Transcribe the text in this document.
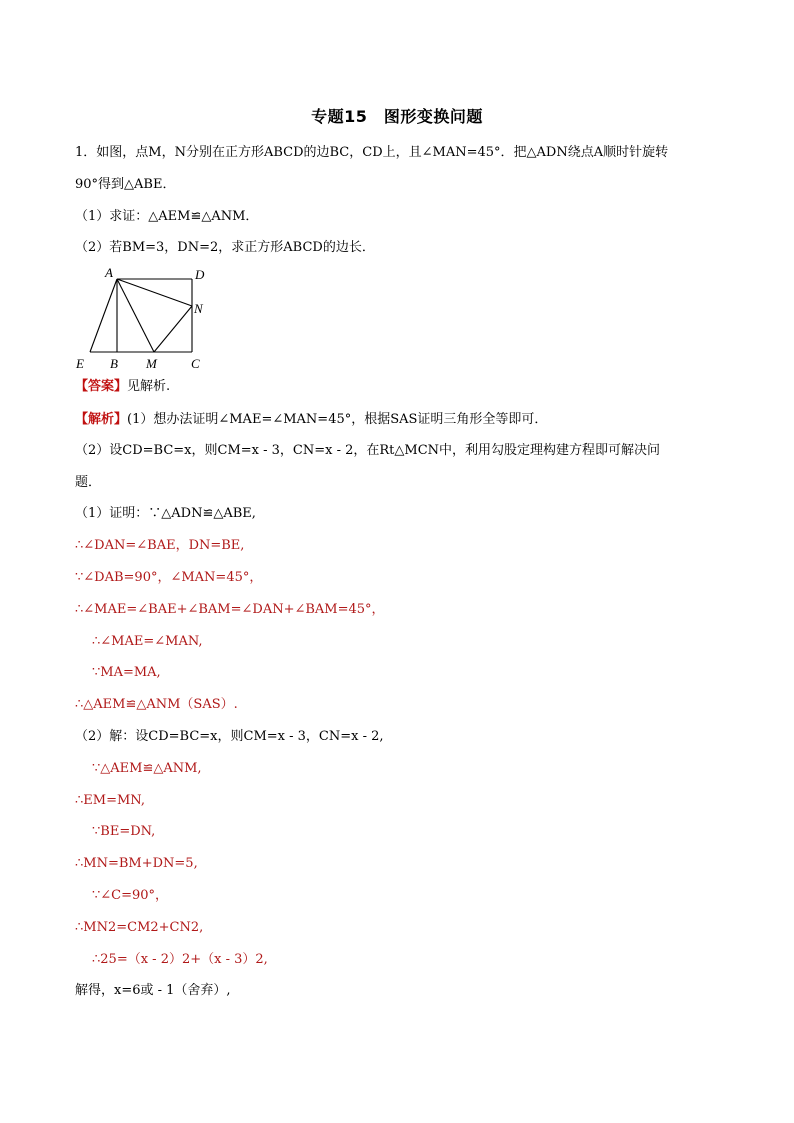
专题15　图形变换问题
1．如图，点M，N分别在正方形ABCD的边BC，CD上，且∠MAN=45°．把△ADN绕点A顺时针旋转
90°得到△ABE．
（1）求证：△AEM≌△ANM．
（2）若BM=3，DN=2，求正方形ABCD的边长．
A	D
N
E B M	C
【答案】见解析.
【解析】(1）想办法证明∠MAE=∠MAN=45°，根据SAS证明三角形全等即可．
（2）设CD=BC=x，则CM=x - 3，CN=x - 2，在Rt△MCN中，利用勾股定理构建方程即可解决问
题．
（1）证明：∵△ADN≌△ABE,
∴∠DAN=∠BAE，DN=BE,
∵∠DAB=90°，∠MAN=45°，
∴∠MAE=∠BAE+∠BAM=∠DAN+∠BAM=45°，
∴∠MAE=∠MAN,
∵MA=MA,
∴△AEM≌△ANM（SAS）.
（2）解：设CD=BC=x，则CM=x - 3，CN=x - 2,
∵△AEM≌△ANM,
∴EM=MN,
∵BE=DN,
∴MN=BM+DN=5,
∵∠C=90°，
∴MN2=CM2+CN2,
∴25=（x - 2）2+（x - 3）2,
解得，x=6或 - 1（舍弃）,
